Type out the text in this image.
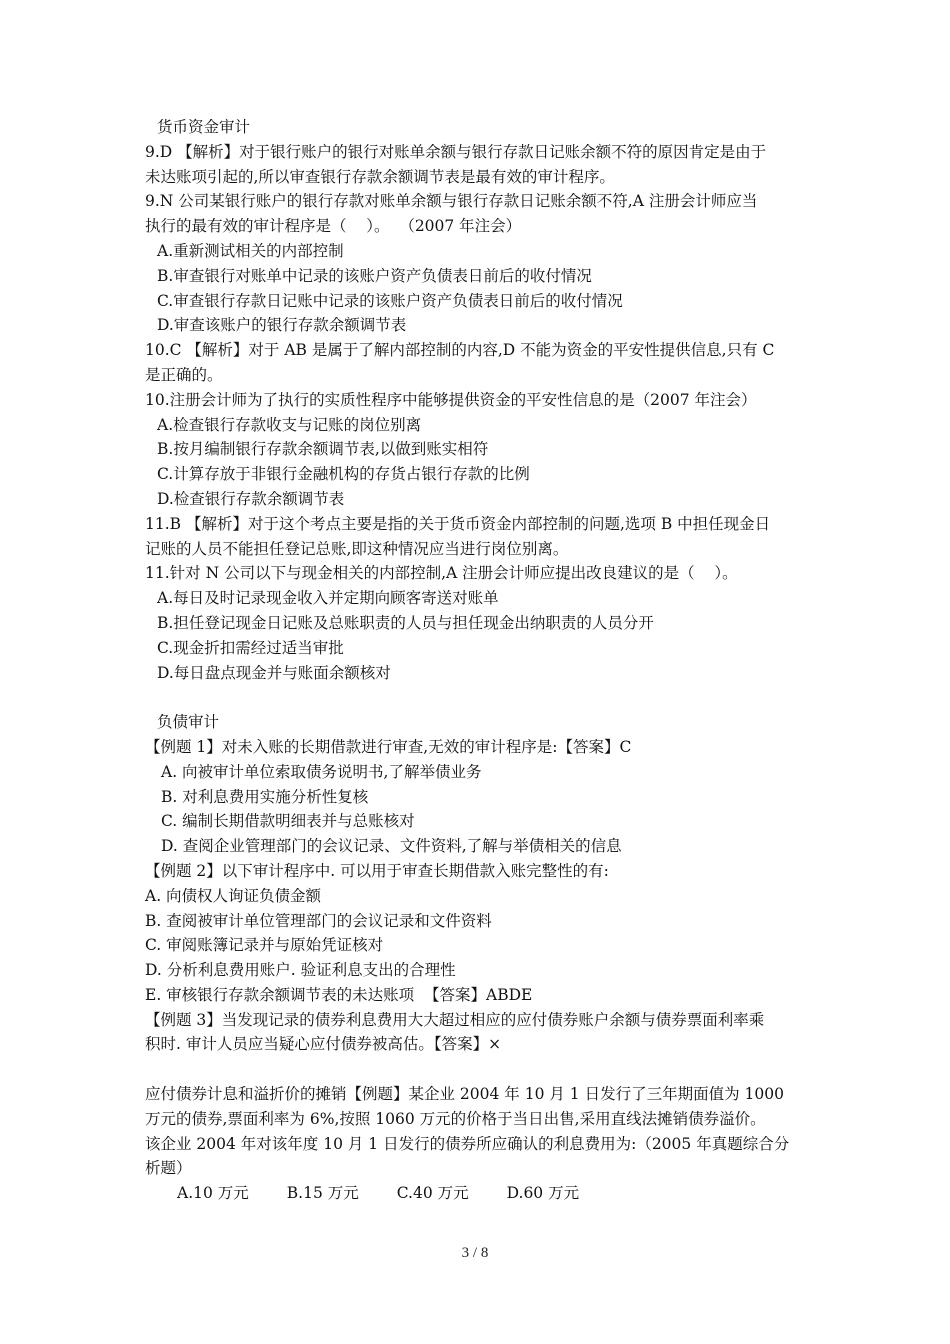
货币资金审计
9.D 【解析】对于银行账户的银行对账单余额与银行存款日记账余额不符的原因肯定是由于
未达账项引起的,所以审查银行存款余额调节表是最有效的审计程序。
9.N 公司某银行账户的银行存款对账单余额与银行存款日记账余额不符,A 注册会计师应当
执行的最有效的审计程序是（    ）。  （2007 年注会）
A.重新测试相关的内部控制
B.审查银行对账单中记录的该账户资产负债表日前后的收付情况
C.审查银行存款日记账中记录的该账户资产负债表日前后的收付情况
D.审查该账户的银行存款余额调节表
10.C 【解析】对于 AB 是属于了解内部控制的内容,D 不能为资金的平安性提供信息,只有 C
是正确的。
10.注册会计师为了执行的实质性程序中能够提供资金的平安性信息的是（2007 年注会）
A.检查银行存款收支与记账的岗位别离
B.按月编制银行存款余额调节表,以做到账实相符
C.计算存放于非银行金融机构的存货占银行存款的比例
D.检查银行存款余额调节表
11.B 【解析】对于这个考点主要是指的关于货币资金内部控制的问题,选项 B 中担任现金日
记账的人员不能担任登记总账,即这种情况应当进行岗位别离。
11.针对 N 公司以下与现金相关的内部控制,A 注册会计师应提出改良建议的是（    ）。
A.每日及时记录现金收入并定期向顾客寄送对账单
B.担任登记现金日记账及总账职责的人员与担任现金出纳职责的人员分开
C.现金折扣需经过适当审批
D.每日盘点现金并与账面余额核对
负债审计
【例题 1】对未入账的长期借款进行审查,无效的审计程序是:【答案】C
A. 向被审计单位索取债务说明书,了解举债业务
B. 对利息费用实施分析性复核
C. 编制长期借款明细表并与总账核对
D. 查阅企业管理部门的会议记录、文件资料,了解与举债相关的信息
【例题 2】以下审计程序中. 可以用于审查长期借款入账完整性的有:
A. 向债权人询证负债金额
B. 查阅被审计单位管理部门的会议记录和文件资料
C. 审阅账簿记录并与原始凭证核对
D. 分析利息费用账户. 验证利息支出的合理性
E. 审核银行存款余额调节表的未达账项  【答案】ABDE
【例题 3】当发现记录的债券利息费用大大超过相应的应付债券账户余额与债券票面利率乘
积时. 审计人员应当疑心应付债券被高估。【答案】×
应付债券计息和溢折价的摊销【例题】某企业 2004 年 10 月 1 日发行了三年期面值为 1000
万元的债券,票面利率为 6%,按照 1060 万元的价格于当日出售,采用直线法摊销债券溢价。
该企业 2004 年对该年度 10 月 1 日发行的债券所应确认的利息费用为:（2005 年真题综合分
析题）
A.10 万元 B.15 万元 C.40 万元 D.60 万元
3 / 8
